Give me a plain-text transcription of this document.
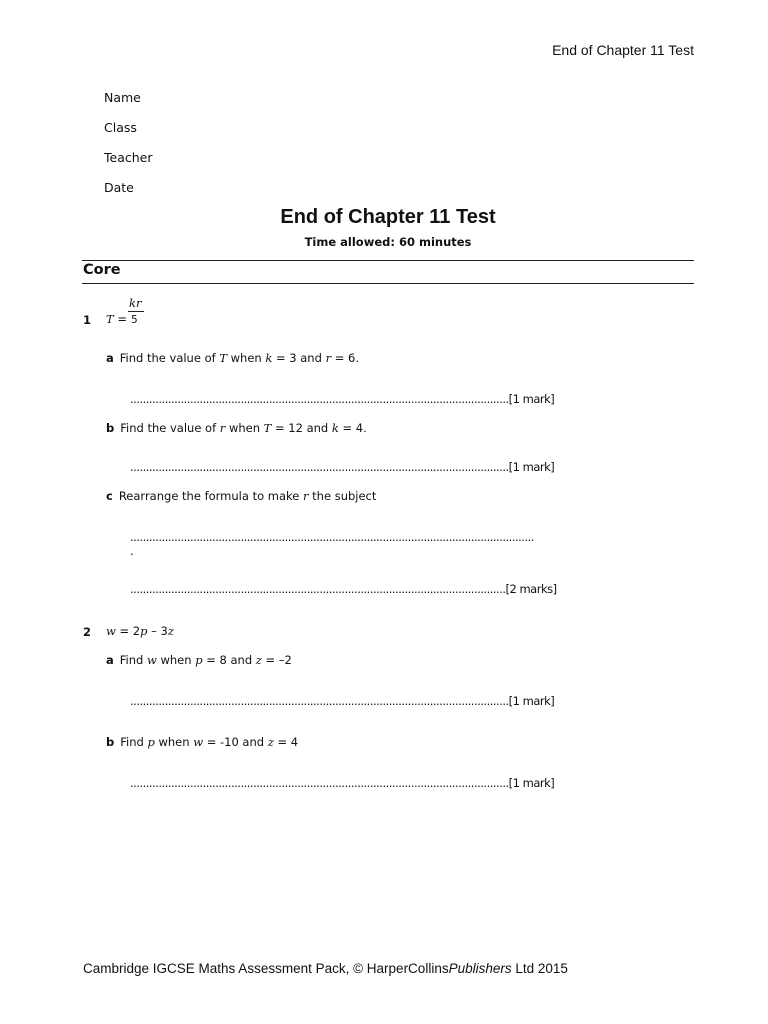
End of Chapter 11 Test
Name
Class
Teacher
Date
End of Chapter 11 Test
Time allowed: 60 minutes
Core
1 T =
kr
5
a Find the value of T when k = 3 and r = 6.
........................................................................................................................[1 mark]
b Find the value of r when T = 12 and k = 4.
........................................................................................................................[1 mark]
c Rearrange the formula to make r the subject
................................................................................................................................
.
.......................................................................................................................[2 marks]
2 w = 2p – 3z
a Find w when p = 8 and z = –2
........................................................................................................................[1 mark]
b Find p when w = -10 and z = 4
........................................................................................................................[1 mark]
Cambridge IGCSE Maths Assessment Pack, © HarperCollinsPublishers Ltd 2015
